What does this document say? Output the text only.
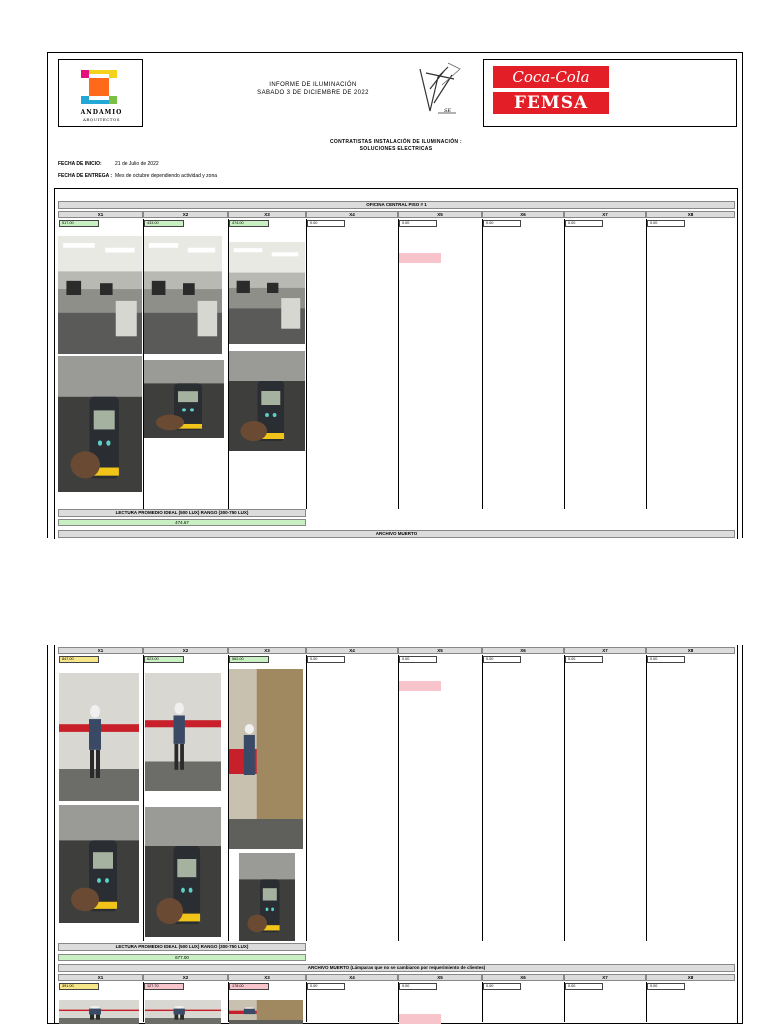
ANDAMIO
ARQUITECTOS
INFORME DE ILUMINACIÓN
SABADO 3 DE DICIEMBRE DE 2022
SE
Coca-Cola
FEMSA
CONTRATISTAS INSTALACIÓN DE ILUMINACIÓN :
SOLUCIONES ELECTRICAS
FECHA DE INICIO:	21 de Julio de 2022
FECHA DE ENTREGA : Mes de octubre dependiendo actividad y zona
OFICINA CENTRAL PISO # 1
LECTURA PROMEDIO IDEAL (500 LUX) RANGO (300-750 LUX)
474.67
ARCHIVO MUERTO
X1
517.00
X2
433.00
X3
474.00
X4
0.00
X5
0.00
X6
0.00
X7
0.00
X8
0.00
LECTURA PROMEDIO IDEAL (500 LUX) RANGO (300-750 LUX)
677.00
ARCHIVO MUERTO (Lámparas que no se cambiaron por requerimiento de clientes)
X1
847.00
X2
623.00
X3
562.00
X4
0.00
X5
0.00
X6
0.00
X7
0.00
X8
0.00
X1
391.00
X2
127.70
X3
178.00
X4
0.00
X5
0.00
X6
0.00
X7
0.00
X8
0.00
